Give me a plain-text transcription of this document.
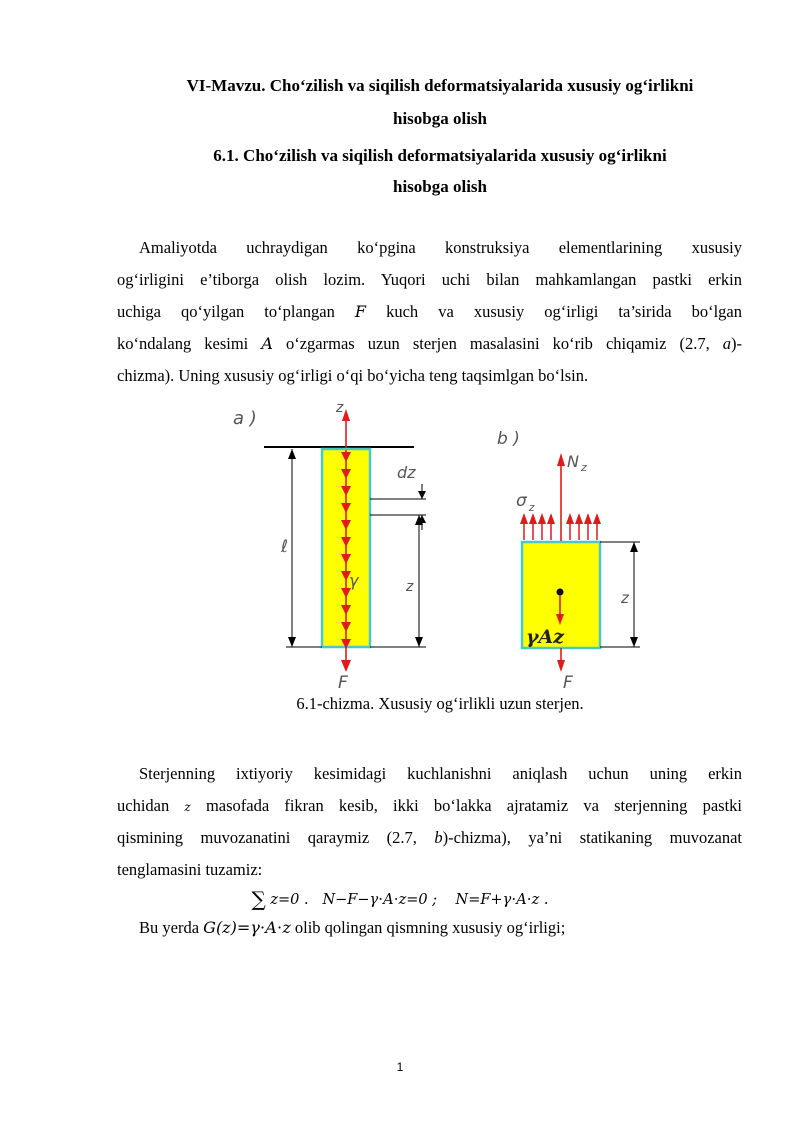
VI-Mavzu. Cho‘zilish va siqilish deformatsiyalarida xususiy og‘irlikni
hisobga olish
6.1. Cho‘zilish va siqilish deformatsiyalarida xususiy og‘irlikni
hisobga olish
Amaliyotda uchraydigan ko‘pgina konstruksiya elementlarining xususiy
og‘irligini e’tiborga olish lozim. Yuqori uchi bilan mahkamlangan pastki erkin
uchiga qo‘yilgan to‘plangan F kuch va xususiy og‘irligi ta’sirida bo‘lgan
ko‘ndalang kesimi A o‘zgarmas uzun sterjen masalasini ko‘rib chiqamiz (2.7, a)-
chizma). Uning xususiy og‘irligi o‘qi bo‘yicha teng taqsimlgan bo‘lsin.
a )	z
γ
F
ℓ
dz
z
b )
N $_z$
σ $_z$
γAz
F
z
6.1-chizma. Xususiy og‘irlikli uzun sterjen.
Sterjenning ixtiyoriy kesimidagi kuchlanishni aniqlash uchun uning erkin
uchidan z masofada fikran kesib, ikki bo‘lakka ajratamiz va sterjenning pastki
qismining muvozanatini qaraymiz (2.7, b)-chizma), ya’ni statikaning muvozanat
tenglamasini tuzamiz:
∑ z=0 . N−F−γ⋅A⋅z=0 ; N=F+γ⋅A⋅z .
Bu yerda G(z)=γ⋅A⋅z olib qolingan qismning xususiy og‘irligi;
1
